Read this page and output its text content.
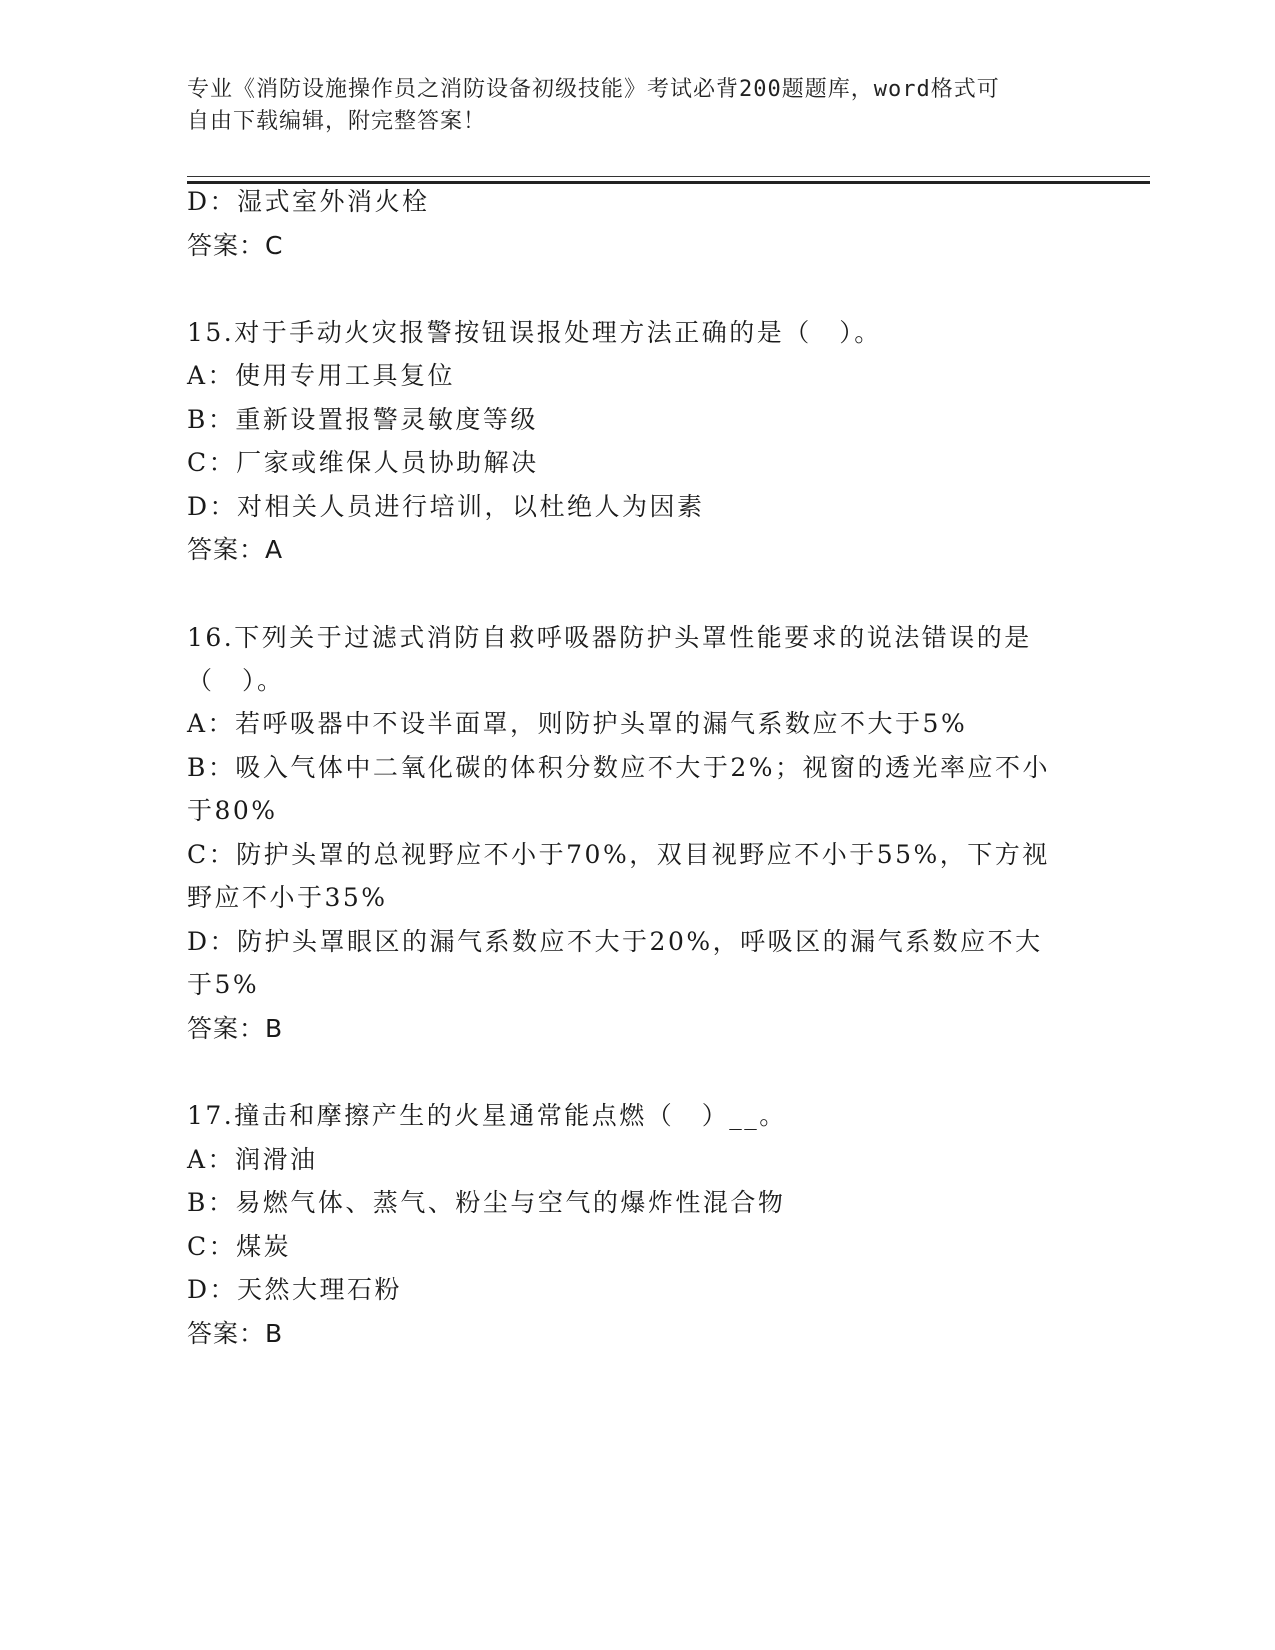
专业《消防设施操作员之消防设备初级技能》考试必背200题题库，word格式可
自由下载编辑，附完整答案！
D：湿式室外消火栓
答案：C
15.对于手动火灾报警按钮误报处理方法正确的是（　）。
A：使用专用工具复位
B：重新设置报警灵敏度等级
C：厂家或维保人员协助解决
D：对相关人员进行培训，以杜绝人为因素
答案：A
16.下列关于过滤式消防自救呼吸器防护头罩性能要求的说法错误的是
（　）。
A：若呼吸器中不设半面罩，则防护头罩的漏气系数应不大于5%
B：吸入气体中二氧化碳的体积分数应不大于2%；视窗的透光率应不小
于80%
C：防护头罩的总视野应不小于70%，双目视野应不小于55%，下方视
野应不小于35%
D：防护头罩眼区的漏气系数应不大于20%，呼吸区的漏气系数应不大
于5%
答案：B
17.撞击和摩擦产生的火星通常能点燃（　）__。
A：润滑油
B：易燃气体、蒸气、粉尘与空气的爆炸性混合物
C：煤炭
D：天然大理石粉
答案：B
